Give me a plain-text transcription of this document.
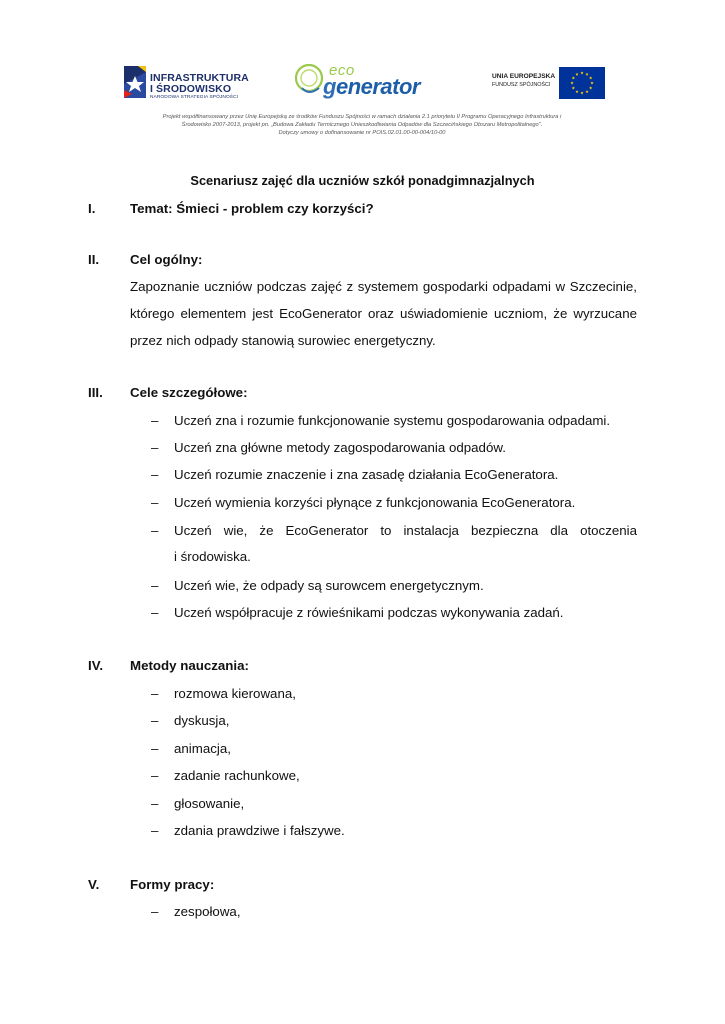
INFRASTRUKTURA
I ŚRODOWISKO
NARODOWA STRATEGIA SPÓJNOŚCI
eco
generator	UNIA EUROPEJSKA
FUNDUSZ SPÓJNOŚCI
Projekt współfinansowany przez Unię Europejską ze środków Funduszu Spójności w ramach działania 2.1 priorytetu II Programu Operacyjnego Infrastruktura i
Środowisko 2007-2013, projekt pn. „Budowa Zakładu Termicznego Unieszkodliwiania Odpadów dla Szczecińskiego Obszaru Metropolitalnego".
Dotyczy umowy o dofinansowanie nr POIS.02.01.00-00-004/10-00
Scenariusz zajęć dla uczniów szkół ponadgimnazjalnych
I.	Temat: Śmieci - problem czy korzyści?
II. Cel ogólny:
Zapoznanie uczniów podczas zajęć z systemem gospodarki odpadami w Szczecinie,
którego elementem jest EcoGenerator oraz uświadomienie uczniom, że wyrzucane
przez nich odpady stanowią surowiec energetyczny.
III. Cele szczegółowe:
– Uczeń zna i rozumie funkcjonowanie systemu gospodarowania odpadami.
– Uczeń zna główne metody zagospodarowania odpadów.
– Uczeń rozumie znaczenie i zna zasadę działania EcoGeneratora.
– Uczeń wymienia korzyści płynące z funkcjonowania EcoGeneratora.
– Uczeń wie, że EcoGenerator to instalacja bezpieczna dla otoczenia
i środowiska.
– Uczeń wie, że odpady są surowcem energetycznym.
– Uczeń współpracuje z rówieśnikami podczas wykonywania zadań.
IV. Metody nauczania:
– rozmowa kierowana,
– dyskusja,
– animacja,
– zadanie rachunkowe,
– głosowanie,
– zdania prawdziwe i fałszywe.
V. Formy pracy:
– zespołowa,
